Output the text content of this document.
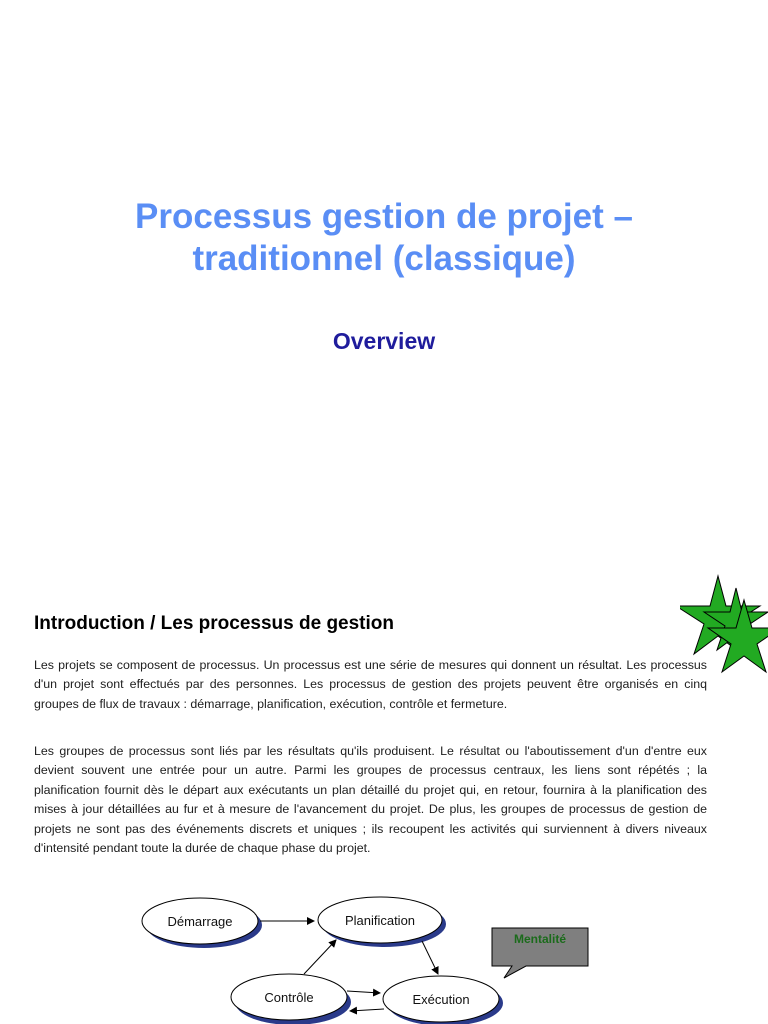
Processus gestion de projet –
traditionnel (classique)
Overview
Introduction / Les processus de gestion

Les projets se composent de processus. Un processus est une série de mesures qui donnent un résultat. Les processus d'un projet sont effectués par des personnes. Les processus de gestion des projets peuvent être organisés en cinq groupes de flux de travaux : démarrage, planification, exécution, contrôle et fermeture.

Les groupes de processus sont liés par les résultats qu'ils produisent. Le résultat ou l'aboutissement d'un d'entre eux devient souvent une entrée pour un autre. Parmi les groupes de processus centraux, les liens sont répétés ; la planification fournit dès le départ aux exécutants un plan détaillé du projet qui, en retour, fournira à la planification des mises à jour détaillées au fur et à mesure de l'avancement du projet. De plus, les groupes de processus de gestion de projets ne sont pas des événements discrets et uniques ; ils recoupent les activités qui surviennent à divers niveaux d'intensité pendant toute la durée de chaque phase du projet.

Démarrage	Planification
Contrôle	Exécution
Mentalité
